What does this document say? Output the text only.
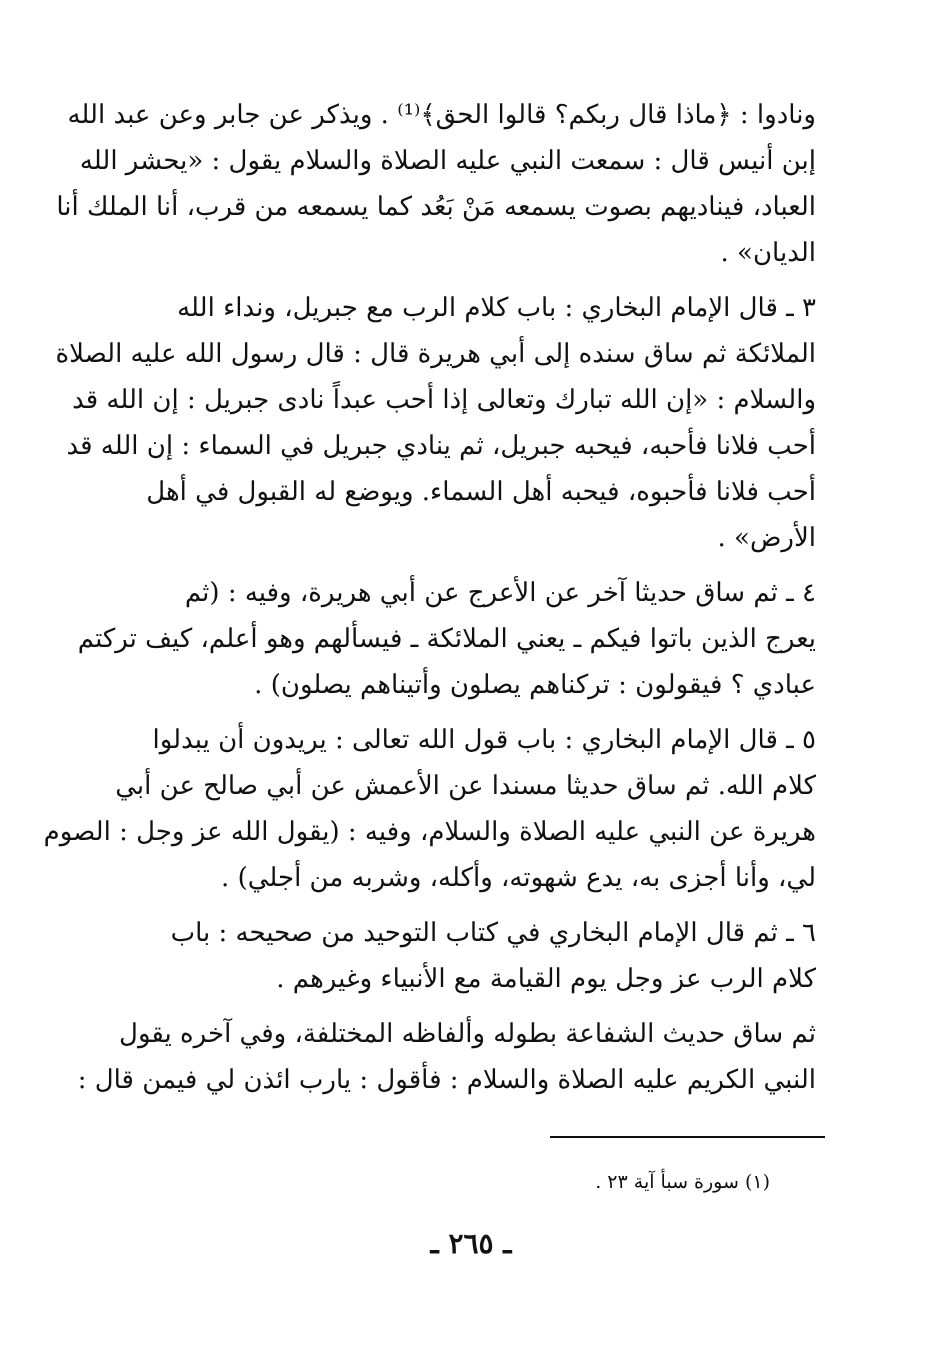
ونادوا : ﴿ماذا قال ربكم؟ قالوا الحق﴾⁽¹⁾ . ويذكر عن جابر وعن عبد الله
إبن أنيس قال : سمعت النبي عليه الصلاة والسلام يقول : «يحشر الله
العباد، فيناديهم بصوت يسمعه مَنْ بَعُد كما يسمعه من قرب، أنا الملك أنا
الديان» .
٣ ـ قال الإمام البخاري : باب كلام الرب مع جبريل، ونداء الله
الملائكة ثم ساق سنده إلى أبي هريرة قال : قال رسول الله عليه الصلاة
والسلام : «إن الله تبارك وتعالى إذا أحب عبداً نادى جبريل : إن الله قد
أحب فلانا فأحبه، فيحبه جبريل، ثم ينادي جبريل في السماء : إن الله قد
أحب فلانا فأحبوه، فيحبه أهل السماء. ويوضع له القبول في أهل
الأرض» .
٤ ـ ثم ساق حديثا آخر عن الأعرج عن أبي هريرة، وفيه : (ثم
يعرج الذين باتوا فيكم ـ يعني الملائكة ـ فيسألهم وهو أعلم، كيف تركتم
عبادي ؟ فيقولون : تركناهم يصلون وأتيناهم يصلون) .
٥ ـ قال الإمام البخاري : باب قول الله تعالى : يريدون أن يبدلوا
كلام الله. ثم ساق حديثا مسندا عن الأعمش عن أبي صالح عن أبي
هريرة عن النبي عليه الصلاة والسلام، وفيه : (يقول الله عز وجل : الصوم
لي، وأنا أجزى به، يدع شهوته، وأكله، وشربه من أجلي) .
٦ ـ ثم قال الإمام البخاري في كتاب التوحيد من صحيحه : باب
كلام الرب عز وجل يوم القيامة مع الأنبياء وغيرهم .
ثم ساق حديث الشفاعة بطوله وألفاظه المختلفة، وفي آخره يقول
النبي الكريم عليه الصلاة والسلام : فأقول : يارب ائذن لي فيمن قال :
(١) سورة سبأ آية ٢٣ .
ـ ٢٦٥ ـ
